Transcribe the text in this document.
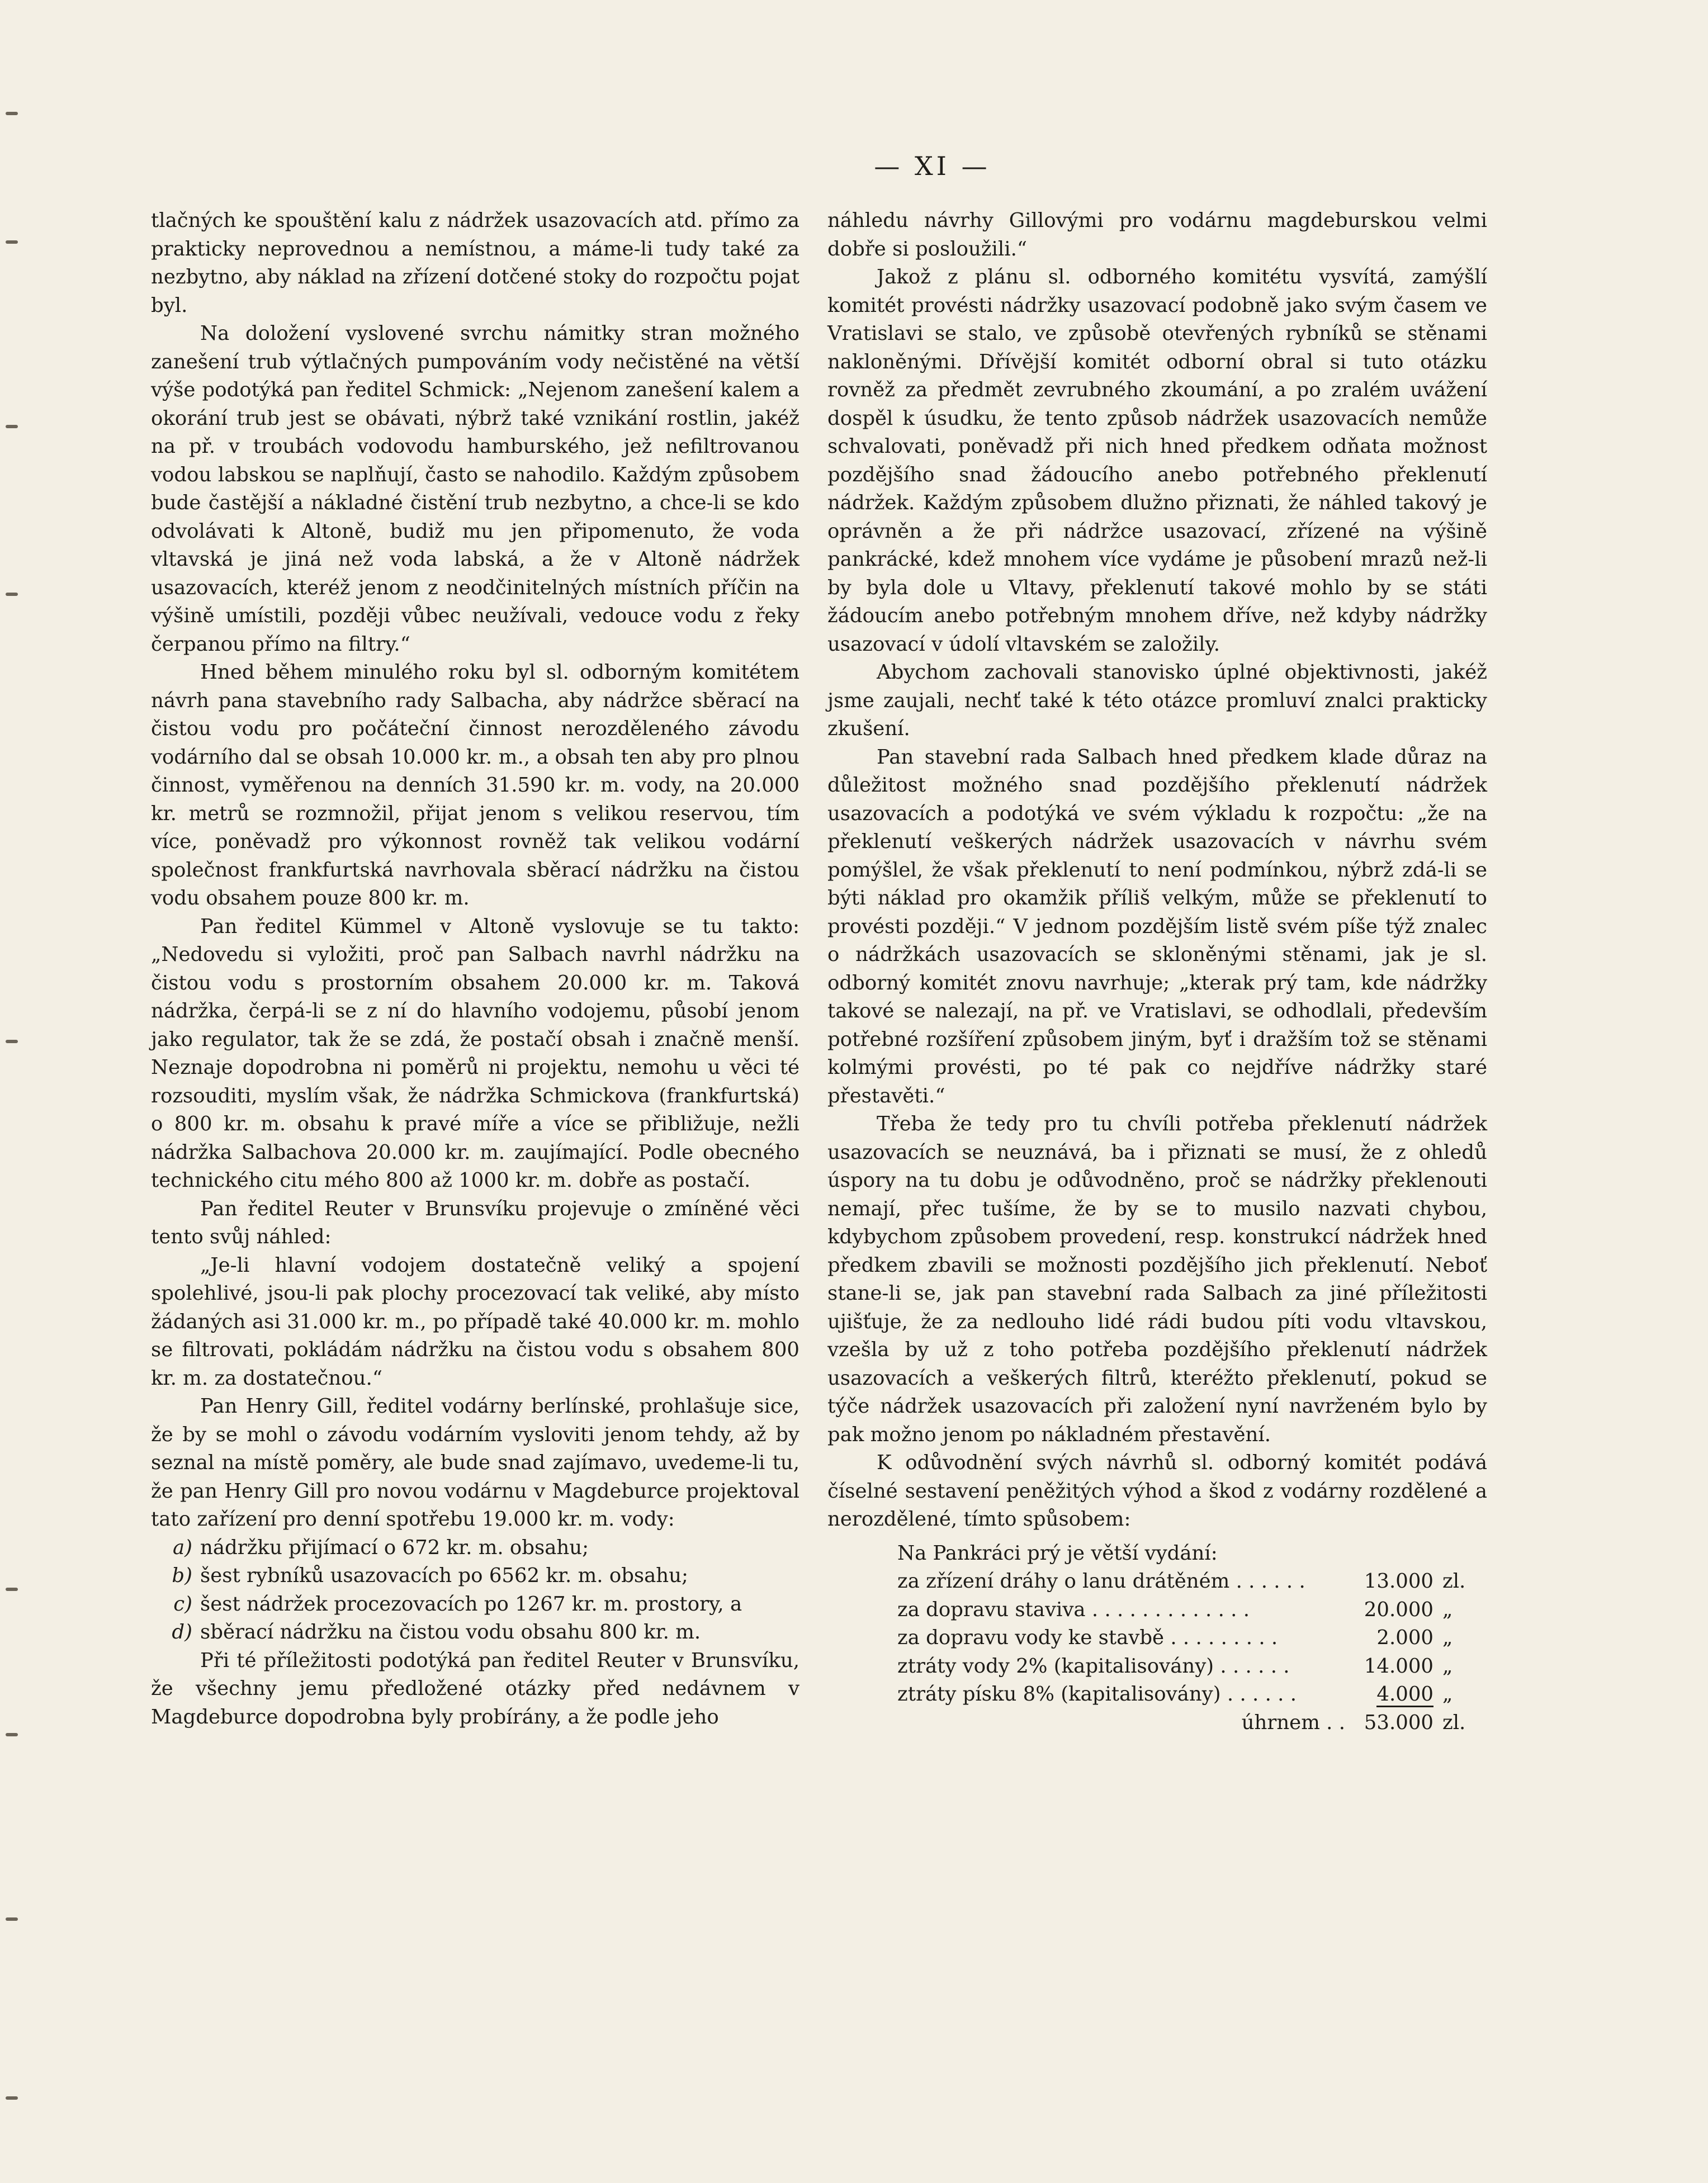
— XI —

tlačných ke spouštění kalu z nádržek usazovacích atd. přímo za prakticky neprovednou a nemístnou, a máme-li tudy také za nezbytno, aby náklad na zřízení dotčené stoky do rozpočtu pojat byl.

Na doložení vyslovené svrchu námitky stran možného zanešení trub výtlačných pumpováním vody nečistěné na větší výše podotýká pan ředitel Schmick: „Nejenom zanešení kalem a okorání trub jest se obávati, nýbrž také vznikání rostlin, jakéž na př. v troubách vodovodu hamburského, jež nefiltrovanou vodou labskou se naplňují, často se nahodilo. Každým způsobem bude častější a nákladné čistění trub nezbytno, a chce-li se kdo odvolávati k Altoně, budiž mu jen připomenuto, že voda vltavská je jiná než voda labská, a že v Altoně nádržek usazovacích, kteréž jenom z neodčinitelných místních příčin na výšině umístili, později vůbec neužívali, vedouce vodu z řeky čerpanou přímo na filtry.“

Hned během minulého roku byl sl. odborným komitétem návrh pana stavebního rady Salbacha, aby nádržce sběrací na čistou vodu pro počáteční činnost nerozděleného závodu vodárního dal se obsah 10.000 kr. m., a obsah ten aby pro plnou činnost, vyměřenou na denních 31.590 kr. m. vody, na 20.000 kr. metrů se rozmnožil, přijat jenom s velikou reservou, tím více, poněvadž pro výkonnost rovněž tak velikou vodární společnost frankfurtská navrhovala sběrací nádržku na čistou vodu obsahem pouze 800 kr. m.

Pan ředitel Kümmel v Altoně vyslovuje se tu takto: „Nedovedu si vyložiti, proč pan Salbach navrhl nádržku na čistou vodu s prostorním obsahem 20.000 kr. m. Taková nádržka, čerpá-li se z ní do hlavního vodojemu, působí jenom jako regulator, tak že se zdá, že postačí obsah i značně menší. Neznaje dopodrobna ni poměrů ni projektu, nemohu u věci té rozsouditi, myslím však, že nádržka Schmickova (frankfurtská) o 800 kr. m. obsahu k pravé míře a více se přibližuje, nežli nádržka Salbachova 20.000 kr. m. zaujímající. Podle obecného technického citu mého 800 až 1000 kr. m. dobře as postačí.

Pan ředitel Reuter v Brunsvíku projevuje o zmíněné věci tento svůj náhled:

„Je-li hlavní vodojem dostatečně veliký a spojení spolehlivé, jsou-li pak plochy procezovací tak veliké, aby místo žádaných asi 31.000 kr. m., po případě také 40.000 kr. m. mohlo se filtrovati, pokládám nádržku na čistou vodu s obsahem 800 kr. m. za dostatečnou.“

Pan Henry Gill, ředitel vodárny berlínské, prohlašuje sice, že by se mohl o závodu vodárním vysloviti jenom tehdy, až by seznal na místě poměry, ale bude snad zajímavo, uvedeme-li tu, že pan Henry Gill pro novou vodárnu v Magdeburce projektoval tato zařízení pro denní spotřebu 19.000 kr. m. vody:

a) nádržku přijímací o 672 kr. m. obsahu;
b) šest rybníků usazovacích po 6562 kr. m. obsahu;
c) šest nádržek procezovacích po 1267 kr. m. prostory, a
d) sběrací nádržku na čistou vodu obsahu 800 kr. m.

Při té příležitosti podotýká pan ředitel Reuter v Brunsvíku, že všechny jemu předložené otázky před nedávnem v Magdeburce dopodrobna byly probírány, a že podle jeho

náhledu návrhy Gillovými pro vodárnu magdeburskou velmi dobře si posloužili.“

Jakož z plánu sl. odborného komitétu vysvítá, zamýšlí komitét provésti nádržky usazovací podobně jako svým časem ve Vratislavi se stalo, ve způsobě otevřených rybníků se stěnami nakloněnými. Dřívější komitét odborní obral si tuto otázku rovněž za předmět zevrubného zkoumání, a po zralém uvážení dospěl k úsudku, že tento způsob nádržek usazovacích nemůže schvalovati, poněvadž při nich hned předkem odňata možnost pozdějšího snad žádoucího anebo potřebného překlenutí nádržek. Každým způsobem dlužno přiznati, že náhled takový je oprávněn a že při nádržce usazovací, zřízené na výšině pankrácké, kdež mnohem více vydáme je působení mrazů než-li by byla dole u Vltavy, překlenutí takové mohlo by se státi žádoucím anebo potřebným mnohem dříve, než kdyby nádržky usazovací v údolí vltavském se založily.

Abychom zachovali stanovisko úplné objektivnosti, jakéž jsme zaujali, nechť také k této otázce promluví znalci prakticky zkušení.

Pan stavební rada Salbach hned předkem klade důraz na důležitost možného snad pozdějšího překlenutí nádržek usazovacích a podotýká ve svém výkladu k rozpočtu: „že na překlenutí veškerých nádržek usazovacích v návrhu svém pomýšlel, že však překlenutí to není podmínkou, nýbrž zdá-li se býti náklad pro okamžik příliš velkým, může se překlenutí to provésti později.“ V jednom pozdějším listě svém píše týž znalec o nádržkách usazovacích se skloněnými stěnami, jak je sl. odborný komitét znovu navrhuje; „kterak prý tam, kde nádržky takové se nalezají, na př. ve Vratislavi, se odhodlali, především potřebné rozšíření způsobem jiným, byť i dražším tož se stěnami kolmými provésti, po té pak co nejdříve nádržky staré přestavěti.“

Třeba že tedy pro tu chvíli potřeba překlenutí nádržek usazovacích se neuznává, ba i přiznati se musí, že z ohledů úspory na tu dobu je odůvodněno, proč se nádržky překlenouti nemají, přec tušíme, že by se to musilo nazvati chybou, kdybychom způsobem provedení, resp. konstrukcí nádržek hned předkem zbavili se možnosti pozdějšího jich překlenutí. Neboť stane-li se, jak pan stavební rada Salbach za jiné příležitosti ujišťuje, že za nedlouho lidé rádi budou píti vodu vltavskou, vzešla by už z toho potřeba pozdějšího překlenutí nádržek usazovacích a veškerých filtrů, kteréžto překlenutí, pokud se týče nádržek usazovacích při založení nyní navrženém bylo by pak možno jenom po nákladném přestavění.

K odůvodnění svých návrhů sl. odborný komitét podává číselné sestavení peněžitých výhod a škod z vodárny rozdělené a nerozdělené, tímto spůsobem:

Na Pankráci prý je větší vydání:
za zřízení dráhy o lanu drátěném . . . . . .	13.000 zl.
za dopravu staviva . . . . . . . . . . . . .	20.000 „
za dopravu vody ke stavbě . . . . . . . . .	2.000 „
ztráty vody 2% (kapitalisovány) . . . . . .	14.000 „
ztráty písku 8% (kapitalisovány) . . . . . .	4.000 „
úhrnem . . 53.000 zl.
